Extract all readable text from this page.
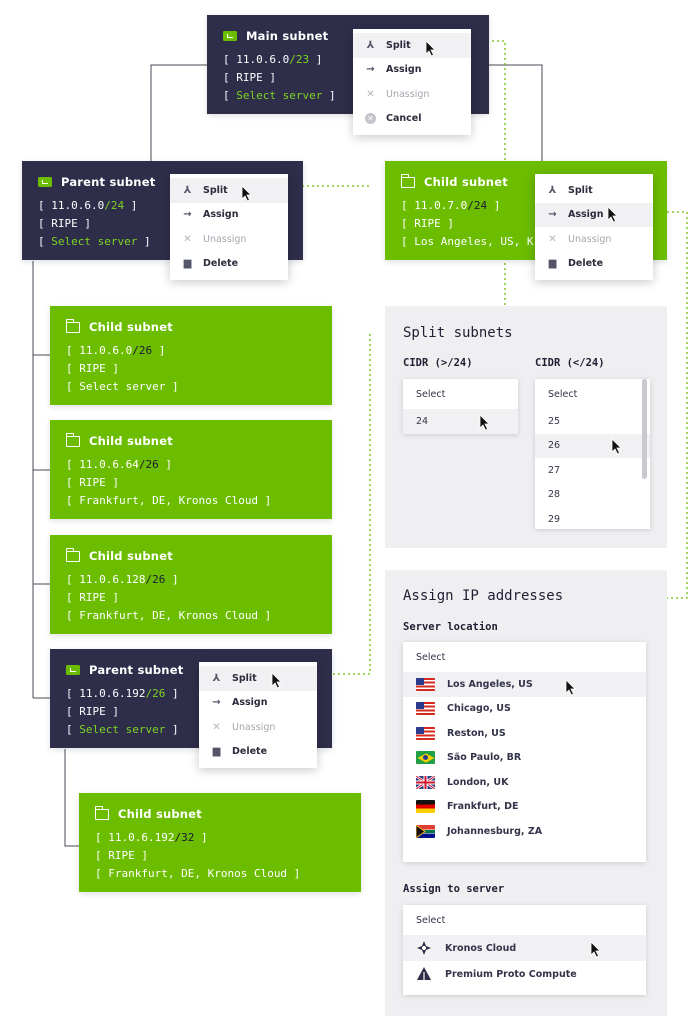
Main subnet
[ 11.0.6.0/23 ]
[ RIPE ]
[ Select server ]
⅄ Split
→ Assign
✕ Unassign
✕ Cancel
Parent subnet
[ 11.0.6.0/24 ]
[ RIPE ]
[ Select server ]
⅄ Split
→ Assign
✕ Unassign
▆ Delete
Child subnet
[ 11.0.7.0/24 ]
[ RIPE ]
[ Los Angeles, US, K
⅄ Split
→ Assign
✕ Unassign
▆ Delete
Child subnet
[ 11.0.6.0/26 ]
[ RIPE ]
[ Select server ]
Child subnet
[ 11.0.6.64/26 ]
[ RIPE ]
[ Frankfurt, DE, Kronos Cloud ]
Child subnet
[ 11.0.6.128/26 ]
[ RIPE ]
[ Frankfurt, DE, Kronos Cloud ]
Parent subnet
[ 11.0.6.192/26 ]
[ RIPE ]
[ Select server ]
⅄ Split
→ Assign
✕ Unassign
▆ Delete
Child subnet
[ 11.0.6.192/32 ]
[ RIPE ]
[ Frankfurt, DE, Kronos Cloud ]
Split subnets
CIDR (>/24)	CIDR (</24)
Select
24
Select
25
26
27
28
29
Assign IP addresses
Server location
Select
Los Angeles, US
Chicago, US
Reston, US
São Paulo, BR
London, UK
Frankfurt, DE
Johannesburg, ZA
Assign to server
Select
Kronos Cloud
Premium Proto Compute
